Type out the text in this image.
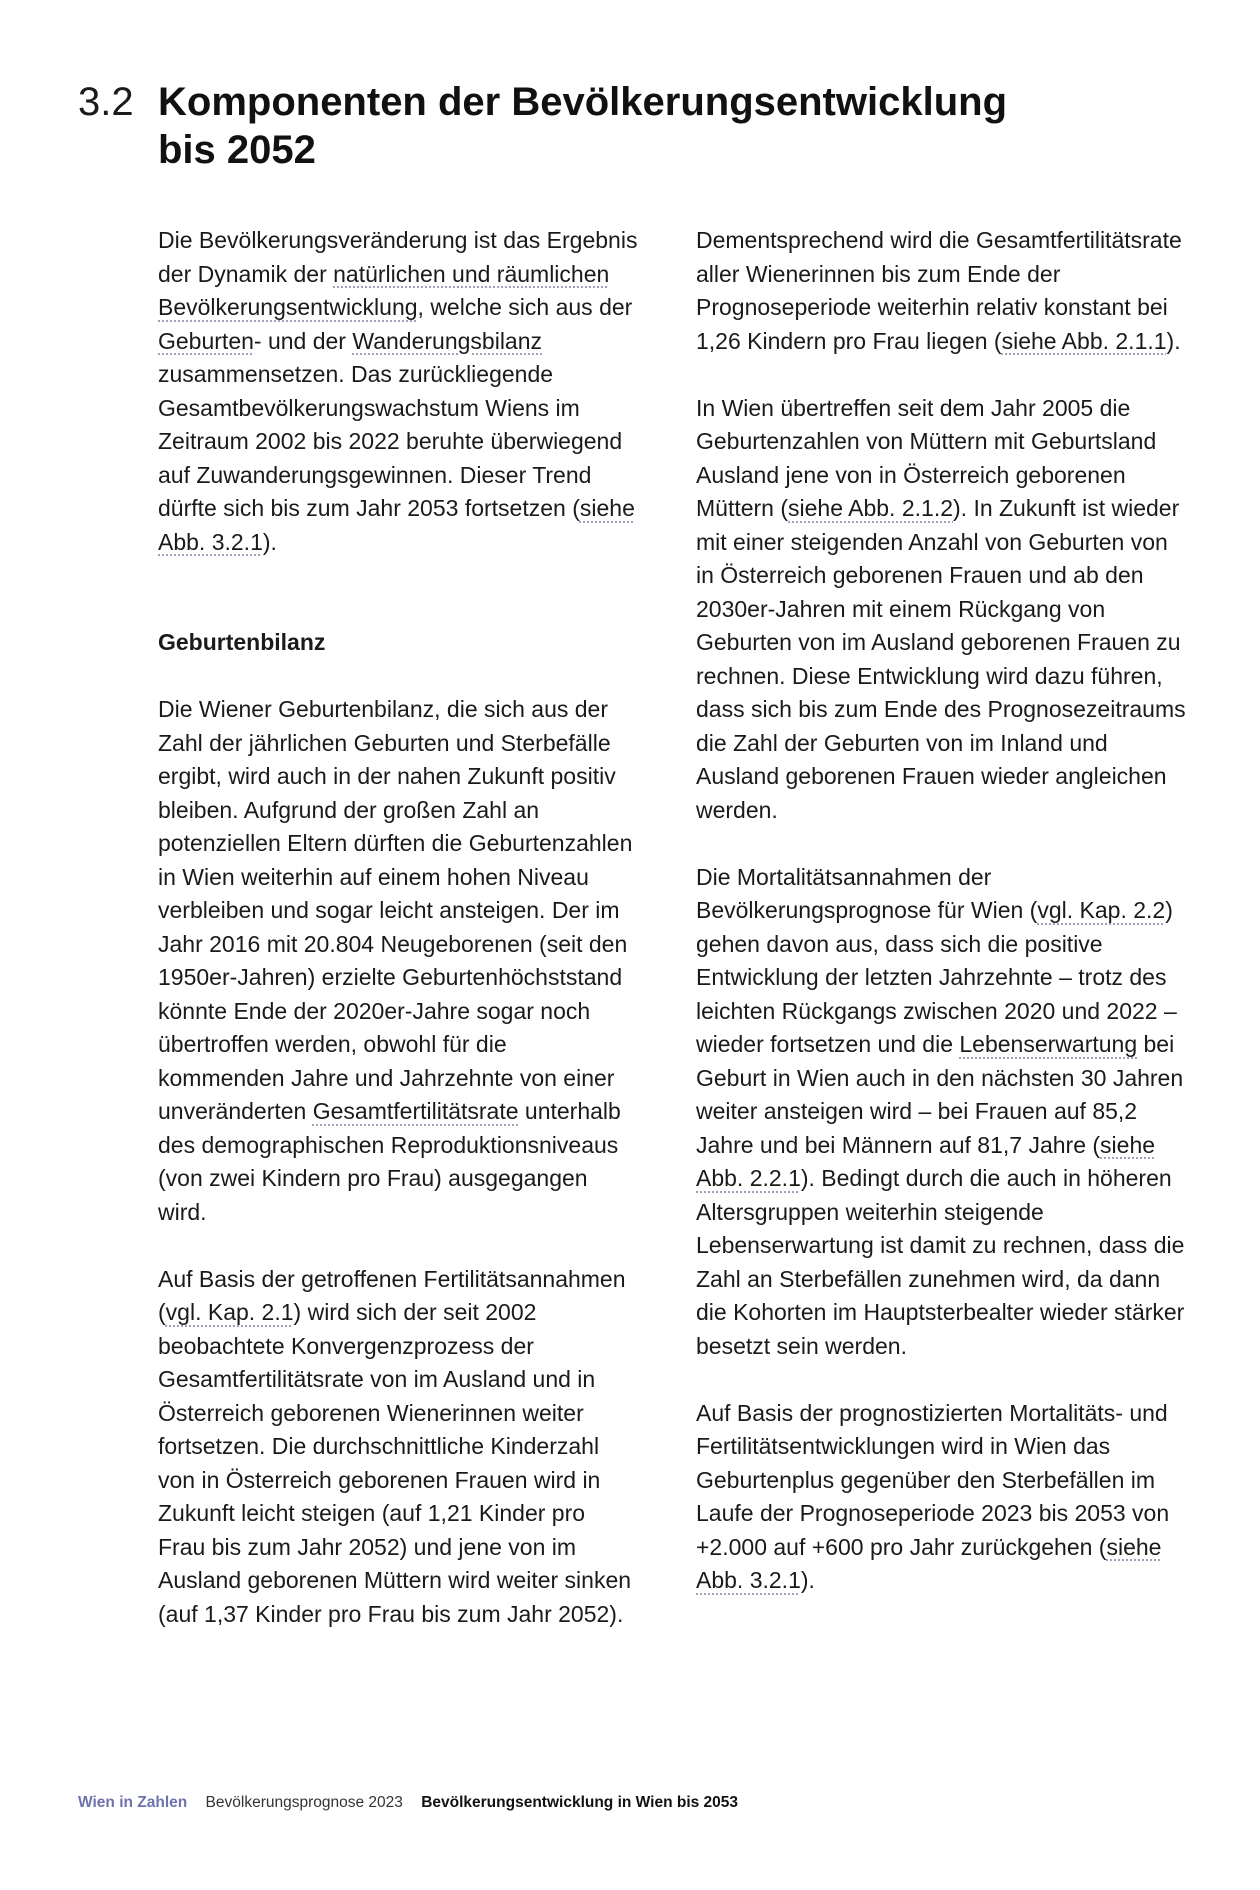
3.2 Komponenten der Bevölkerungsentwicklung
bis 2052

Die Bevölkerungsveränderung ist das Ergebnis der Dynamik der natürlichen und räumlichen Bevölkerungsentwicklung, welche sich aus der Geburten- und der Wanderungsbilanz zusammensetzen. Das zurückliegende Gesamtbevölkerungswachstum Wiens im Zeitraum 2002 bis 2022 beruhte überwiegend auf Zuwanderungsgewinnen. Dieser Trend dürfte sich bis zum Jahr 2053 fortsetzen (siehe Abb. 3.2.1).

Geburtenbilanz

Die Wiener Geburtenbilanz, die sich aus der Zahl der jährlichen Geburten und Sterbefälle ergibt, wird auch in der nahen Zukunft positiv bleiben. Aufgrund der großen Zahl an potenziellen Eltern dürften die Geburtenzahlen in Wien weiterhin auf einem hohen Niveau verbleiben und sogar leicht ansteigen. Der im Jahr 2016 mit 20.804 Neugeborenen (seit den 1950er-Jahren) erzielte Geburtenhöchststand könnte Ende der 2020er-Jahre sogar noch übertroffen werden, obwohl für die kommenden Jahre und Jahrzehnte von einer unveränderten Gesamtfertilitätsrate unterhalb des demographischen Reproduktionsniveaus (von zwei Kindern pro Frau) ausgegangen wird.

Auf Basis der getroffenen Fertilitätsannahmen (vgl. Kap. 2.1) wird sich der seit 2002 beobachtete Konvergenzprozess der Gesamtfertilitätsrate von im Ausland und in Österreich geborenen Wienerinnen weiter fortsetzen. Die durchschnittliche Kinderzahl von in Österreich geborenen Frauen wird in Zukunft leicht steigen (auf 1,21 Kinder pro Frau bis zum Jahr 2052) und jene von im Ausland geborenen Müttern wird weiter sinken (auf 1,37 Kinder pro Frau bis zum Jahr 2052).

Dementsprechend wird die Gesamtfertilitätsrate aller Wienerinnen bis zum Ende der Prognoseperiode weiterhin relativ konstant bei 1,26 Kindern pro Frau liegen (siehe Abb. 2.1.1).

In Wien übertreffen seit dem Jahr 2005 die Geburtenzahlen von Müttern mit Geburtsland Ausland jene von in Österreich geborenen Müttern (siehe Abb. 2.1.2). In Zukunft ist wieder mit einer steigenden Anzahl von Geburten von in Österreich geborenen Frauen und ab den 2030er-Jahren mit einem Rückgang von Geburten von im Ausland geborenen Frauen zu rechnen. Diese Entwicklung wird dazu führen, dass sich bis zum Ende des Prognosezeitraums die Zahl der Geburten von im Inland und Ausland geborenen Frauen wieder angleichen werden.

Die Mortalitätsannahmen der Bevölkerungsprognose für Wien (vgl. Kap. 2.2) gehen davon aus, dass sich die positive Entwicklung der letzten Jahrzehnte – trotz des leichten Rückgangs zwischen 2020 und 2022 – wieder fortsetzen und die Lebenserwartung bei Geburt in Wien auch in den nächsten 30 Jahren weiter ansteigen wird – bei Frauen auf 85,2 Jahre und bei Männern auf 81,7 Jahre (siehe Abb. 2.2.1). Bedingt durch die auch in höheren Altersgruppen weiterhin steigende Lebenserwartung ist damit zu rechnen, dass die Zahl an Sterbefällen zunehmen wird, da dann die Kohorten im Hauptsterbealter wieder stärker besetzt sein werden.

Auf Basis der prognostizierten Mortalitäts- und Fertilitätsentwicklungen wird in Wien das Geburtenplus gegenüber den Sterbefällen im Laufe der Prognoseperiode 2023 bis 2053 von +2.000 auf +600 pro Jahr zurückgehen (siehe Abb. 3.2.1).

Wien in Zahlen Bevölkerungsprognose 2023 Bevölkerungsentwicklung in Wien bis 2053
